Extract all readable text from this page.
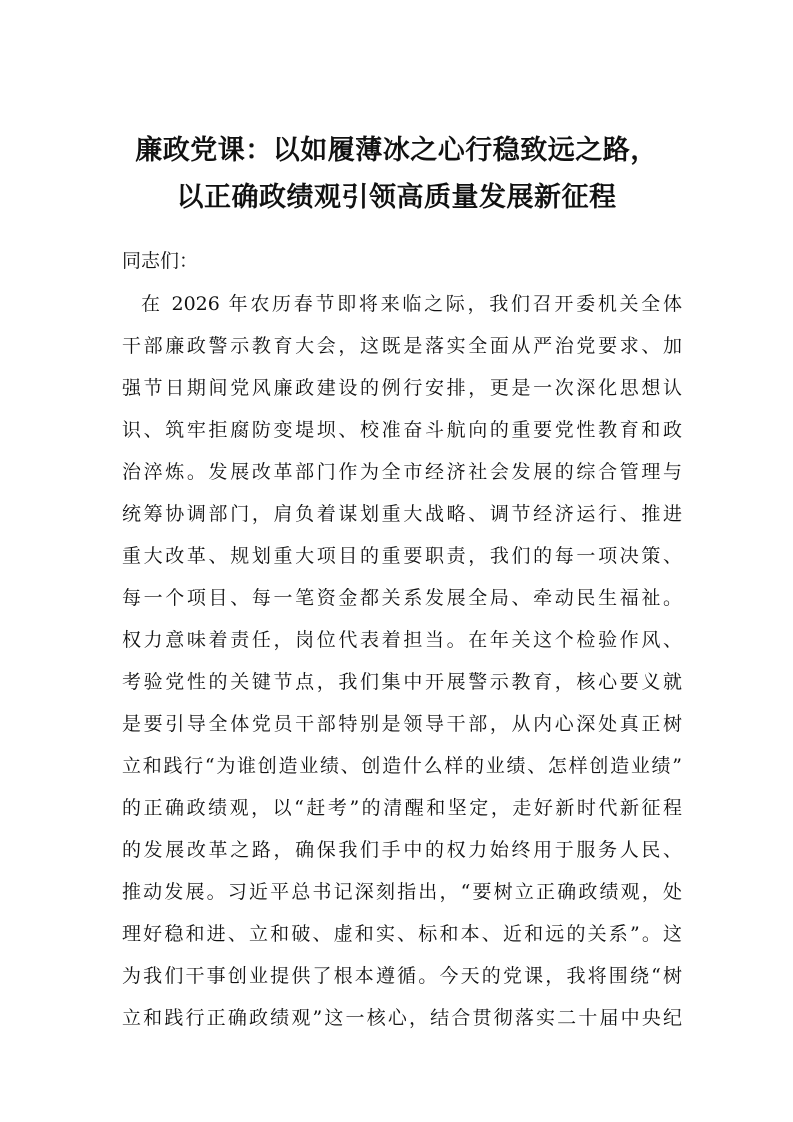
廉政党课：以如履薄冰之心行稳致远之路，
以正确政绩观引领高质量发展新征程
同志们：
在 2026 年农历春节即将来临之际，我们召开委机关全体
干部廉政警示教育大会，这既是落实全面从严治党要求、加
强节日期间党风廉政建设的例行安排，更是一次深化思想认
识、筑牢拒腐防变堤坝、校准奋斗航向的重要党性教育和政
治淬炼。发展改革部门作为全市经济社会发展的综合管理与
统筹协调部门，肩负着谋划重大战略、调节经济运行、推进
重大改革、规划重大项目的重要职责，我们的每一项决策、
每一个项目、每一笔资金都关系发展全局、牵动民生福祉。
权力意味着责任，岗位代表着担当。在年关这个检验作风、
考验党性的关键节点，我们集中开展警示教育，核心要义就
是要引导全体党员干部特别是领导干部，从内心深处真正树
立和践行“为谁创造业绩、创造什么样的业绩、怎样创造业绩”
的正确政绩观，以“赶考”的清醒和坚定，走好新时代新征程
的发展改革之路，确保我们手中的权力始终用于服务人民、
推动发展。习近平总书记深刻指出，“要树立正确政绩观，处
理好稳和进、立和破、虚和实、标和本、近和远的关系”。这
为我们干事创业提供了根本遵循。今天的党课，我将围绕“树
立和践行正确政绩观”这一核心，结合贯彻落实二十届中央纪
